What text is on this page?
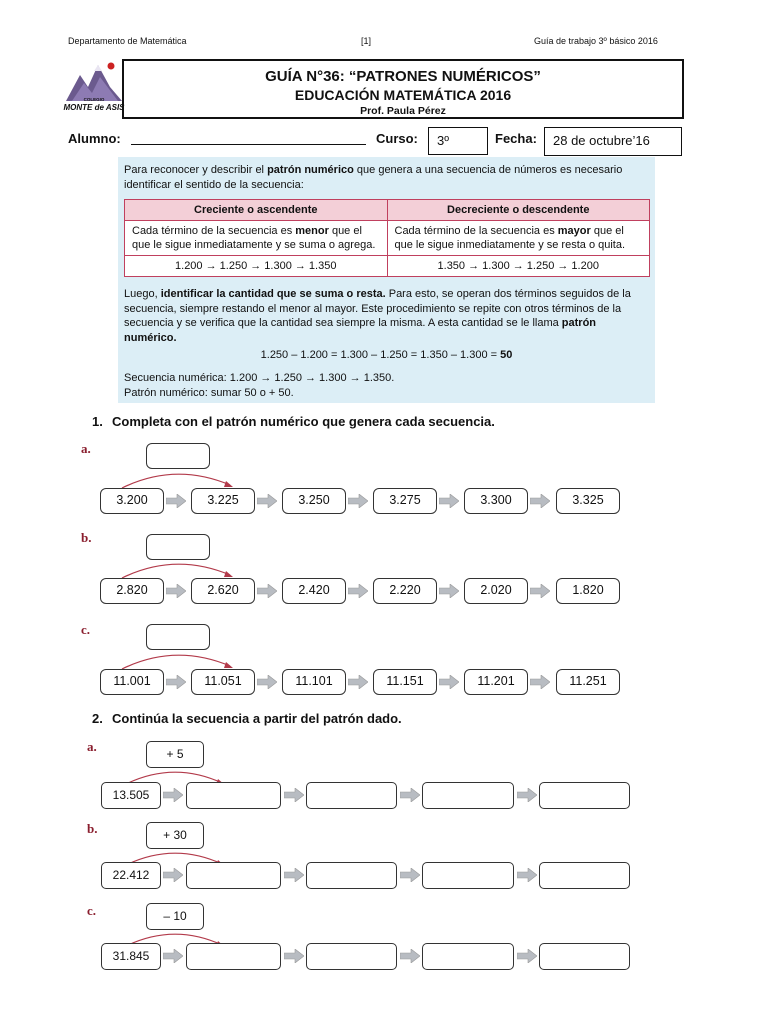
Departamento de Matemática	[1]	Guía de trabajo 3º básico 2016
COLEGIO
MONTE de ASIS
GUÍA N°36: “PATRONES NUMÉRICOS”
EDUCACIÓN MATEMÁTICA 2016
Prof. Paula Pérez
Alumno:	Curso:	3º	Fecha:	28 de octubre’16

Para reconocer y describir el patrón numérico que genera a una secuencia de números es necesario identificar el sentido de la secuencia:

Creciente o ascendente	Decreciente o descendente
Cada término de la secuencia es menor que el que le sigue inmediatamente y se suma o agrega.	Cada término de la secuencia es mayor que el que le sigue inmediatamente y se resta o quita.
1.200 → 1.250 → 1.300 → 1.350	1.350 → 1.300 → 1.250 → 1.200

Luego, identificar la cantidad que se suma o resta. Para esto, se operan dos términos seguidos de la secuencia, siempre restando el menor al mayor. Este procedimiento se repite con otros términos de la secuencia y se verifica que la cantidad sea siempre la misma. A esta cantidad se le llama patrón numérico.

1.250 – 1.200 = 1.300 – 1.250 = 1.350 – 1.300 = 50

Secuencia numérica: 1.200 → 1.250 → 1.300 → 1.350.

Patrón numérico: sumar 50 o + 50.

1. Completa con el patrón numérico que genera cada secuencia.
a.
3.200	3.225	3.250	3.275	3.300	3.325
b.
2.820	2.620	2.420	2.220	2.020	1.820
c.
11.001	11.051	11.101	11.151	11.201	11.251
2. Continúa la secuencia a partir del patrón dado.
a.	+ 5
13.505
b.	+ 30
22.412
c.	– 10
31.845
